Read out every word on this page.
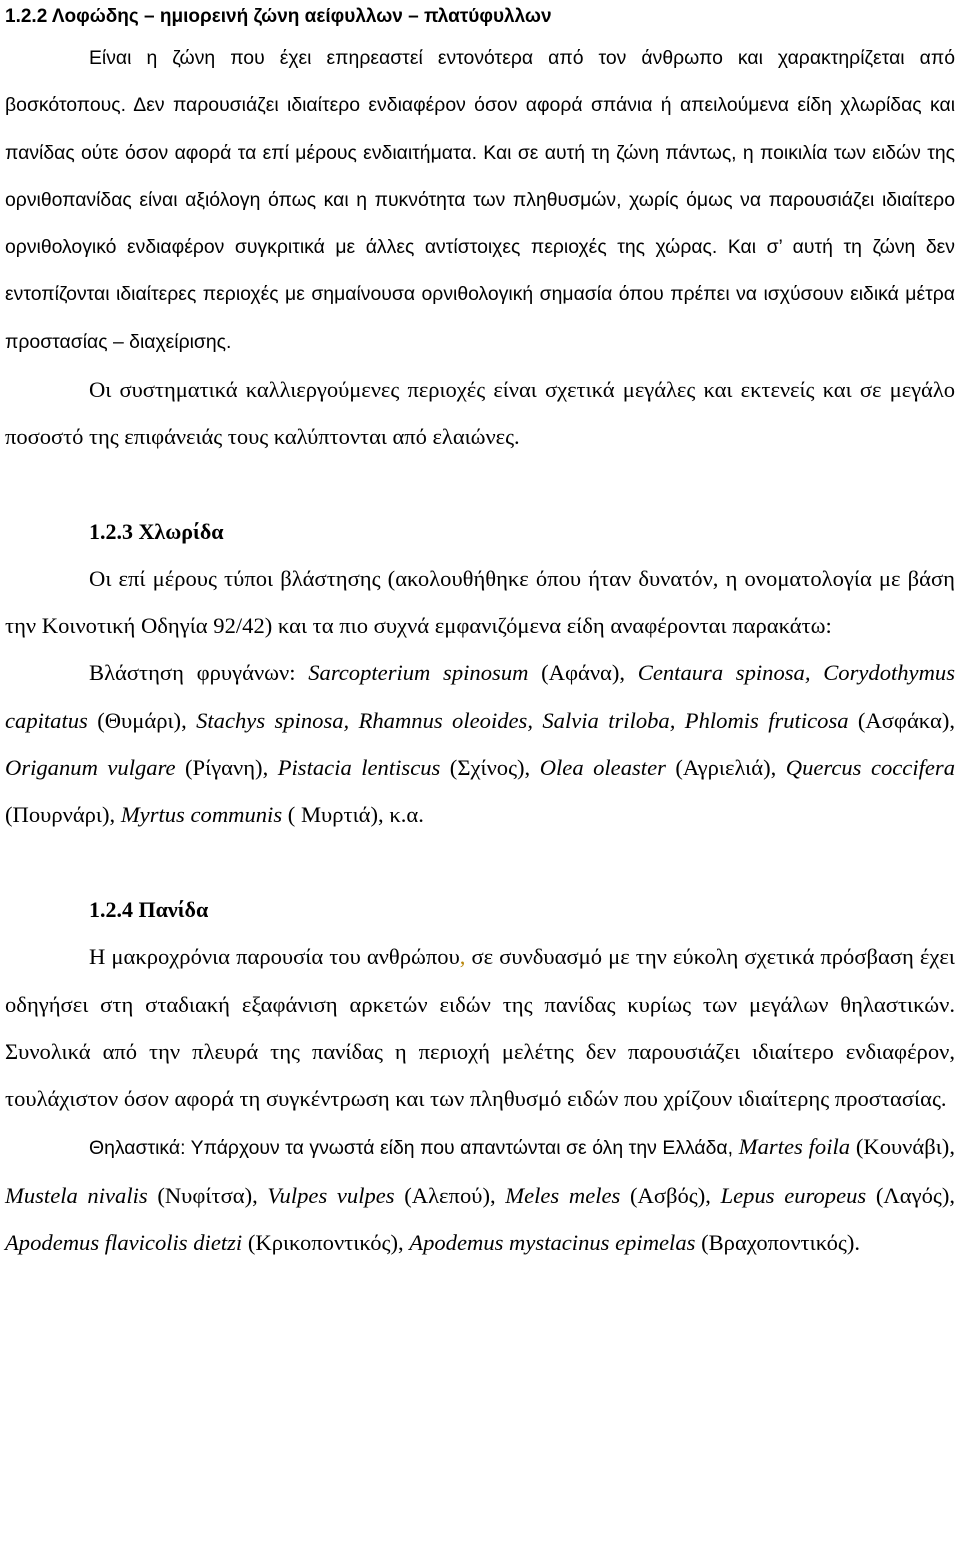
1.2.2 Λοφώδης – ημιορεινή ζώνη αείφυλλων – πλατύφυλλων

Είναι η ζώνη που έχει επηρεαστεί εντονότερα από τον άνθρωπο και χαρακτηρίζεται από βοσκότοπους. Δεν παρουσιάζει ιδιαίτερο ενδιαφέρον όσον αφορά σπάνια ή απειλούμενα είδη χλωρίδας και πανίδας ούτε όσον αφορά τα επί μέρους ενδιαιτήματα. Και σε αυτή τη ζώνη πάντως, η ποικιλία των ειδών της ορνιθοπανίδας είναι αξιόλογη όπως και η πυκνότητα των πληθυσμών, χωρίς όμως να παρουσιάζει ιδιαίτερο ορνιθολογικό ενδιαφέρον συγκριτικά με άλλες αντίστοιχες περιοχές της χώρας. Και σ’ αυτή τη ζώνη δεν εντοπίζονται ιδιαίτερες περιοχές με σημαίνουσα ορνιθολογική σημασία όπου πρέπει να ισχύσουν ειδικά μέτρα προστασίας – διαχείρισης.

Οι συστηματικά καλλιεργούμενες περιοχές είναι σχετικά μεγάλες και εκτενείς και σε μεγάλο ποσοστό της επιφάνειάς τους καλύπτονται από ελαιώνες.

1.2.3 Χλωρίδα

Οι επί μέρους τύποι βλάστησης (ακολουθήθηκε όπου ήταν δυνατόν, η ονοματολογία με βάση την Κοινοτική Οδηγία 92/42) και τα πιο συχνά εμφανιζόμενα είδη αναφέρονται παρακάτω:

Βλάστηση φρυγάνων: Sarcopterium spinosum (Αφάνα), Centaura spinosa, Corydothymus capitatus (Θυμάρι), Stachys spinosa, Rhamnus oleoides, Salvia triloba, Phlomis fruticosa (Ασφάκα), Origanum vulgare (Ρίγανη), Pistacia lentiscus (Σχίνος), Olea oleaster (Αγριελιά), Quercus coccifera (Πουρνάρι), Myrtus communis ( Μυρτιά), κ.α.

1.2.4 Πανίδα

Η μακροχρόνια παρουσία του ανθρώπου, σε συνδυασμό με την εύκολη σχετικά πρόσβαση έχει οδηγήσει στη σταδιακή εξαφάνιση αρκετών ειδών της πανίδας κυρίως των μεγάλων θηλαστικών. Συνολικά από την πλευρά της πανίδας η περιοχή μελέτης δεν παρουσιάζει ιδιαίτερο ενδιαφέρον, τουλάχιστον όσον αφορά τη συγκέντρωση και των πληθυσμό ειδών που χρίζουν ιδιαίτερης προστασίας.

Θηλαστικά: Υπάρχουν τα γνωστά είδη που απαντώνται σε όλη την Ελλάδα, Martes foila (Κουνάβι), Mustela nivalis (Νυφίτσα), Vulpes vulpes (Αλεπού), Meles meles (Ασβός), Lepus europeus (Λαγός), Apodemus flavicolis dietzi (Κρικοποντικός), Apodemus mystacinus epimelas (Βραχοποντικός).
